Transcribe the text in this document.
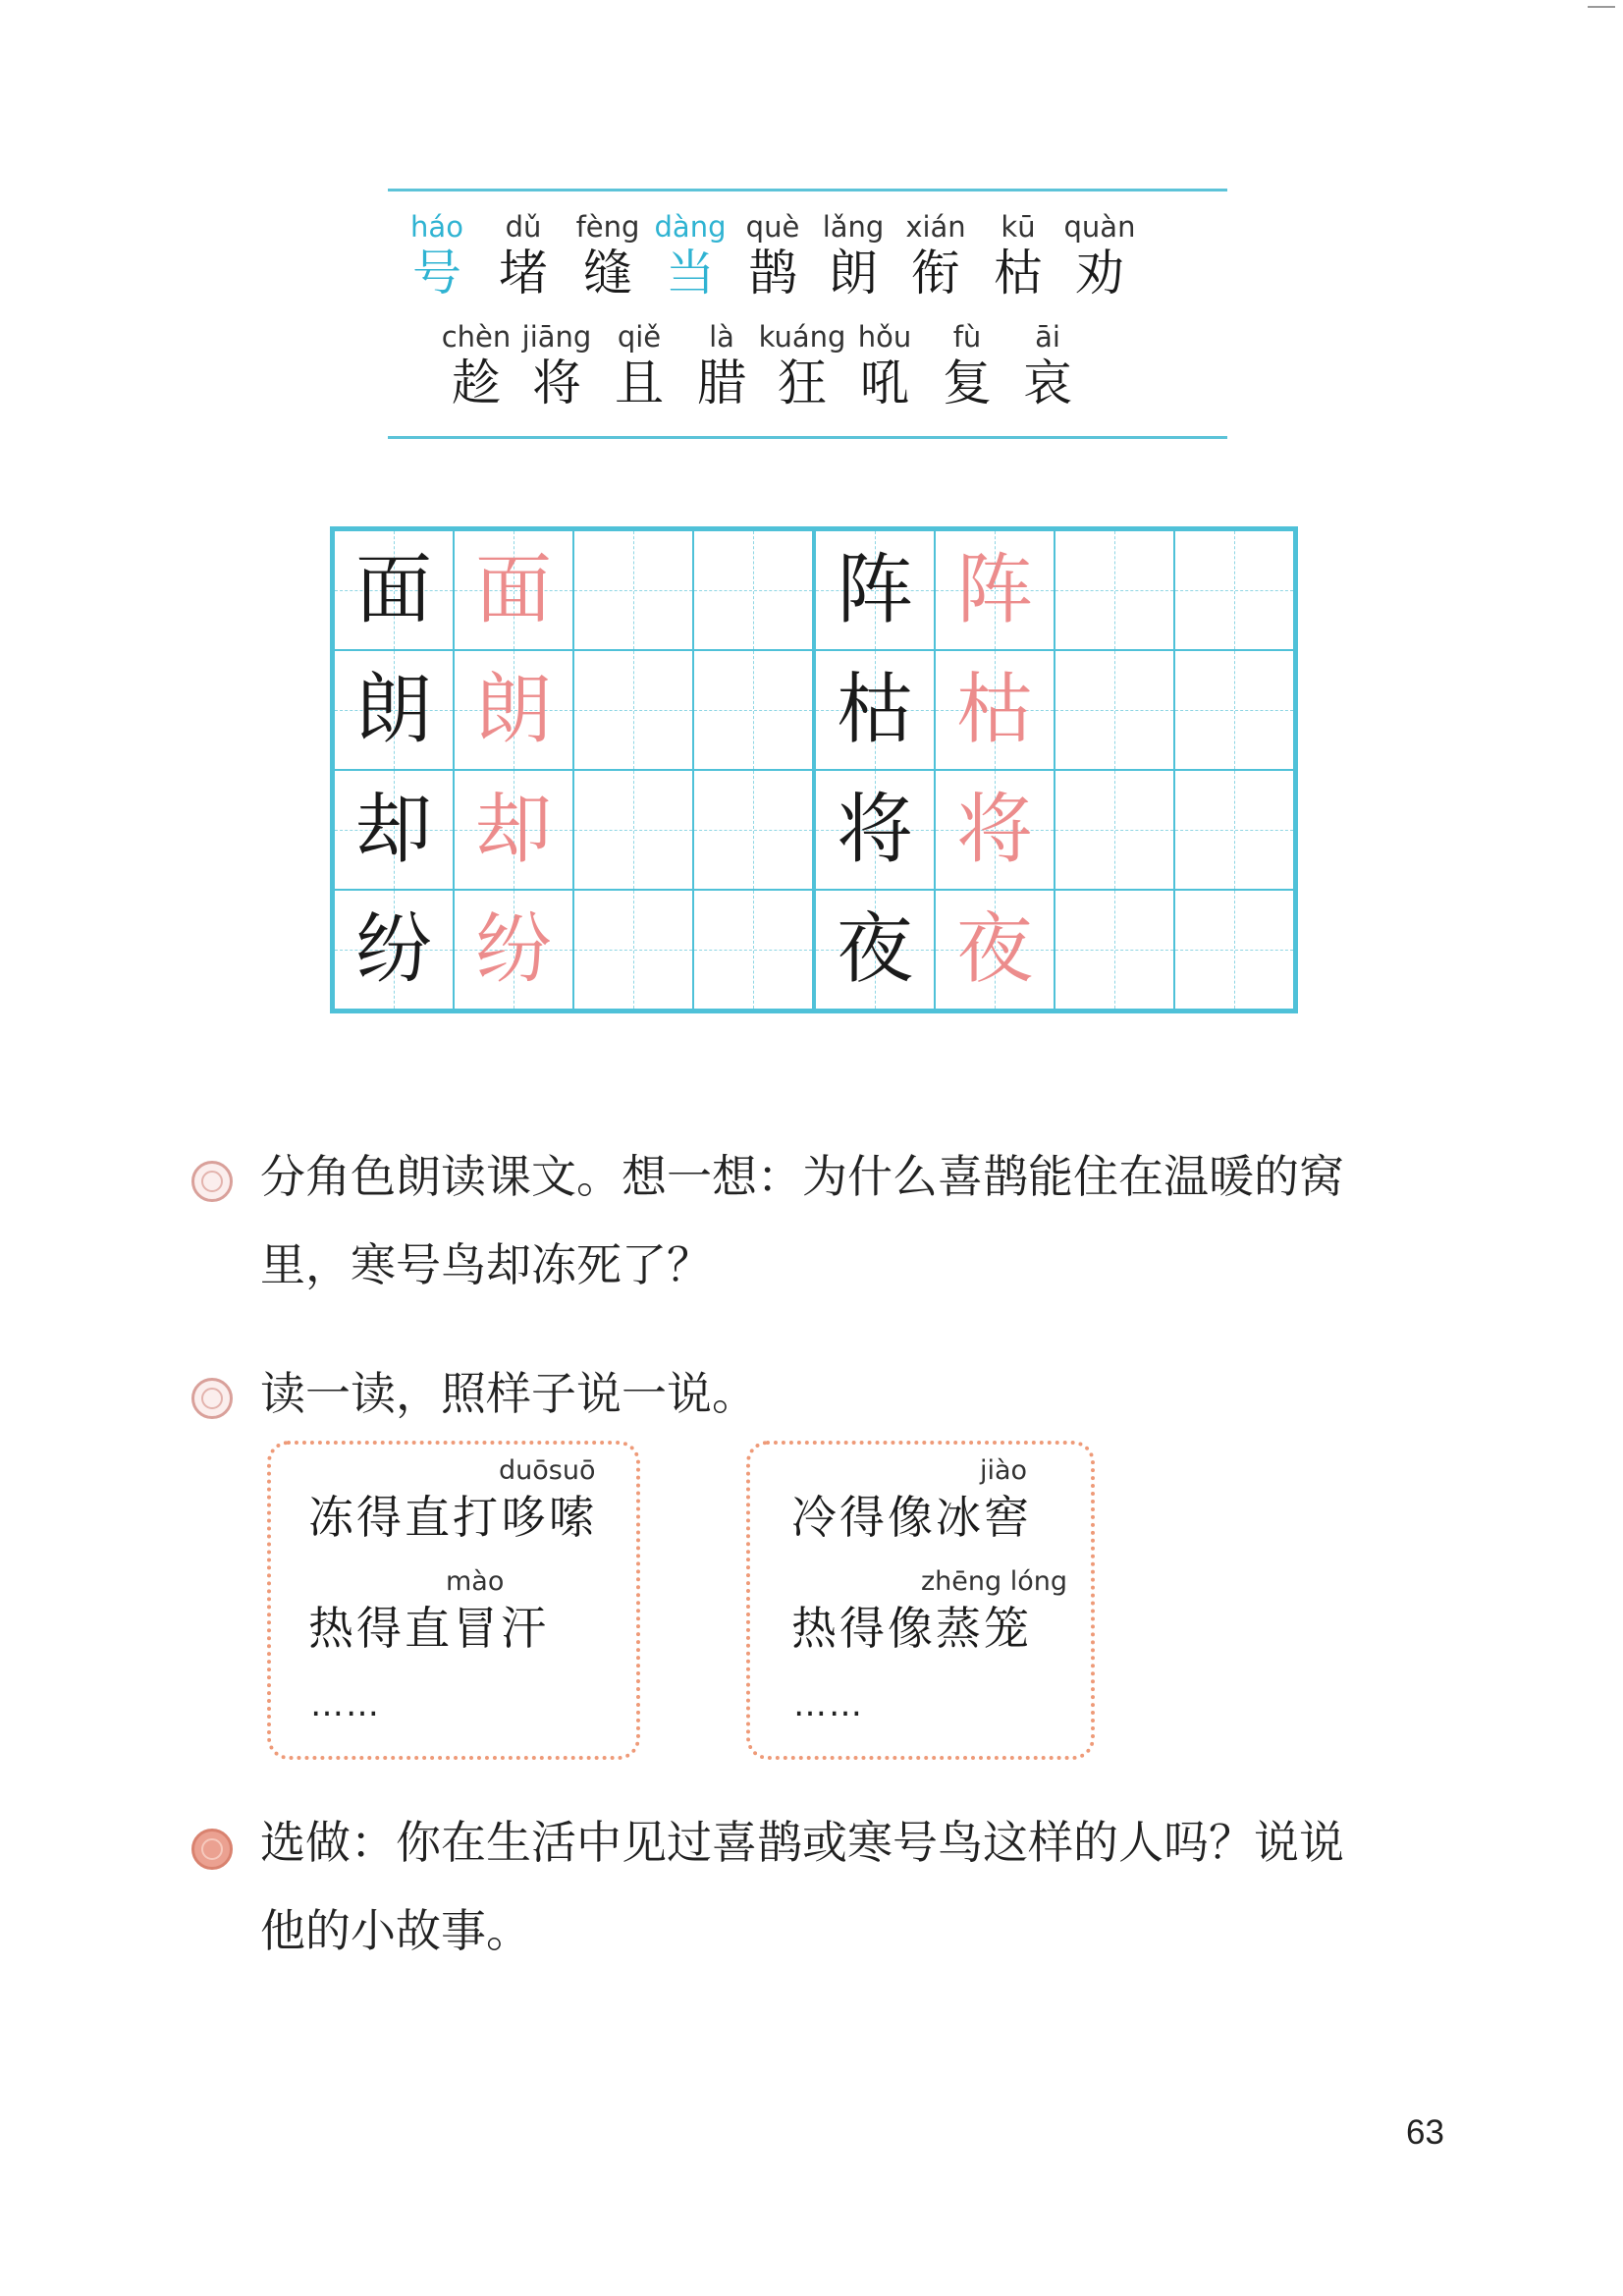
háo
号
dǔ
堵
fèng
缝
dàng
当
què
鹊
lǎng
朗
xián
衔
kū
枯
quàn
劝
chèn
趁
jiāng
将
qiě
且
là
腊
kuáng
狂
hǒu
吼
fù
复
āi
哀
面	面			阵	阵	

朗	朗			枯	枯	

却	却			将	将	

纷	纷			夜	夜	

分角色朗读课文。想一想：为什么喜鹊能住在温暖的窝
里，寒号鸟却冻死了？
读一读，照样子说一说。
duōsuō
冻得直打哆嗦
mào
热得直冒汗
……
jiào
冷得像冰窖
zhēng lóng
热得像蒸笼
……
选做：你在生活中见过喜鹊或寒号鸟这样的人吗？说说
他的小故事。
63
